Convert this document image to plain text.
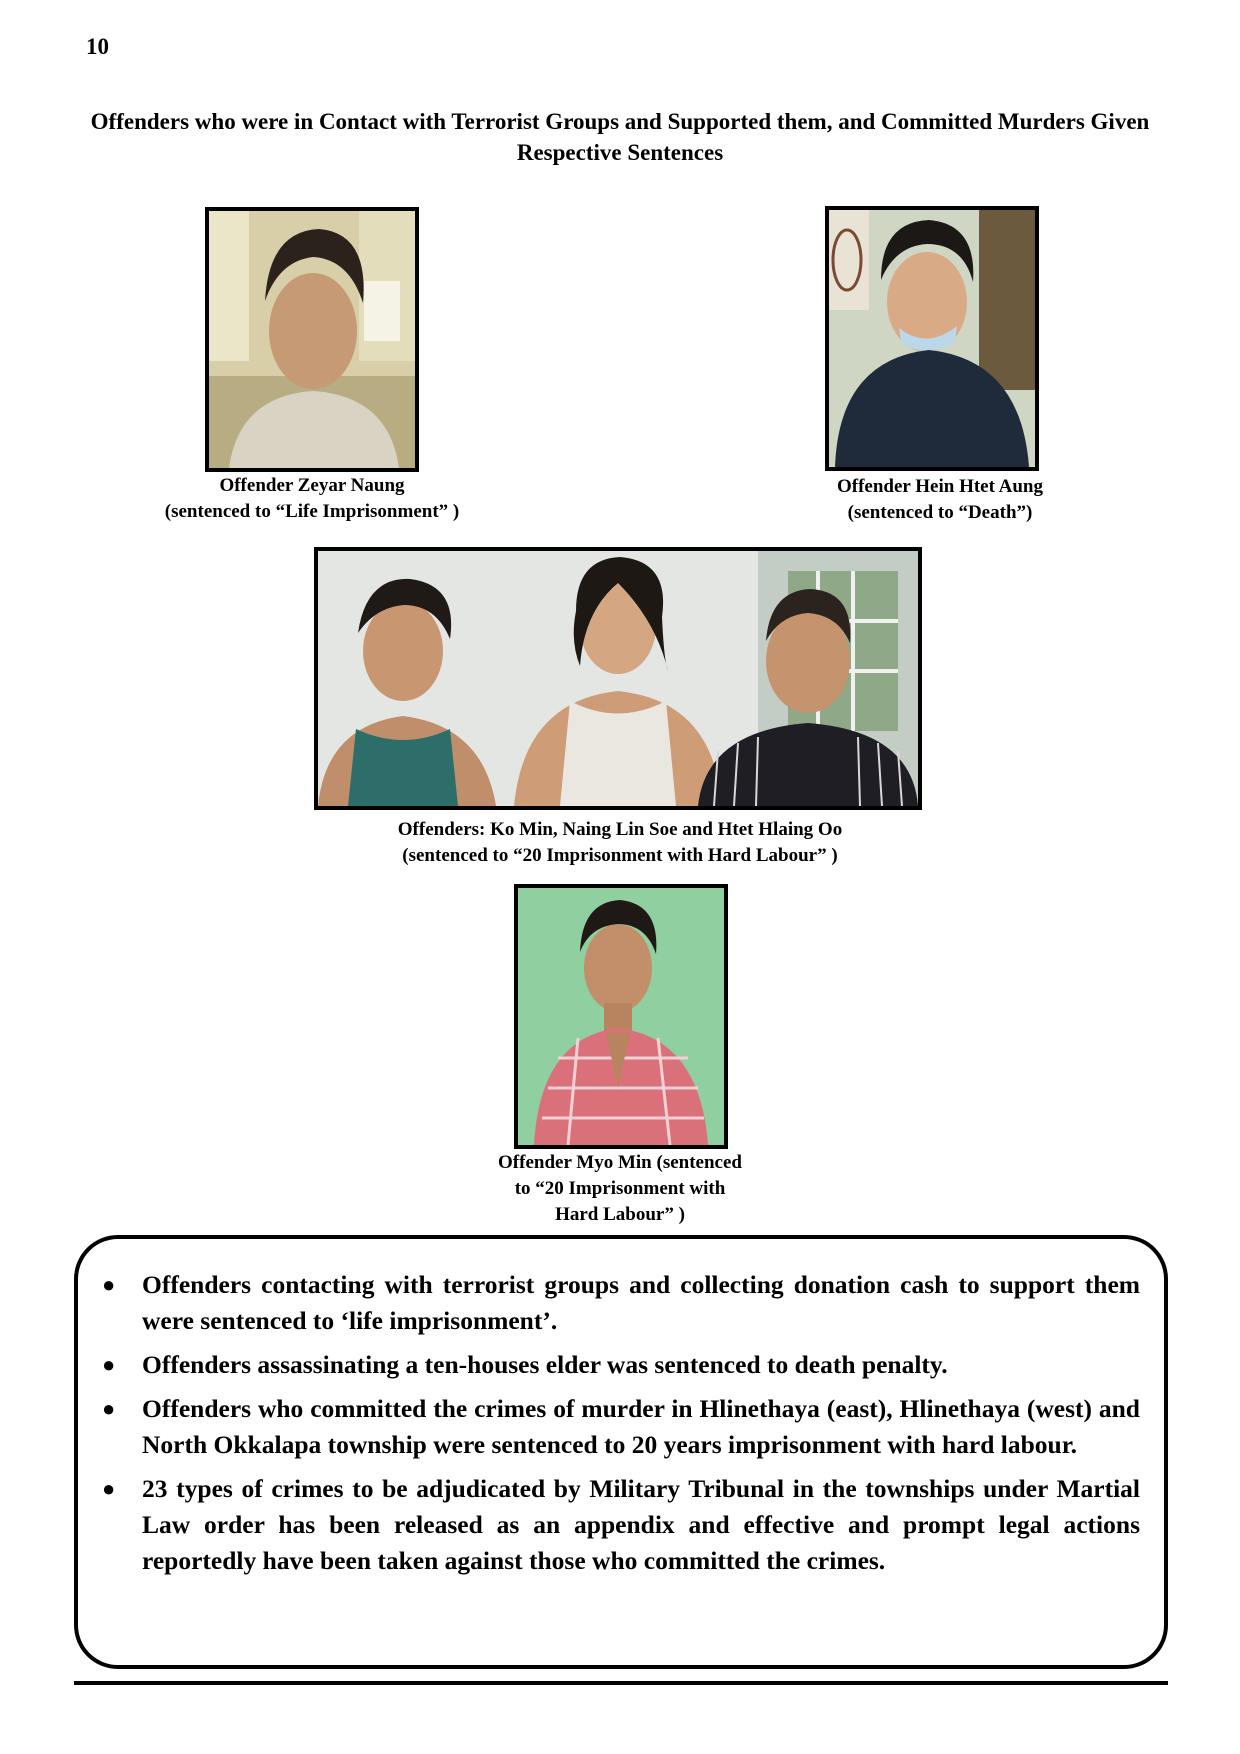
10
Offenders who were in Contact with Terrorist Groups and Supported them, and Committed Murders Given Respective Sentences
Offender Zeyar Naung
(sentenced to “Life Imprisonment” )
Offender Hein Htet Aung
(sentenced to “Death”)
Offenders: Ko Min, Naing Lin Soe and Htet Hlaing Oo
(sentenced to “20 Imprisonment with Hard Labour” )
Offender Myo Min (sentenced
to “20 Imprisonment with
Hard Labour” )
● Offenders contacting with terrorist groups and collecting donation cash to support them were sentenced to ‘life imprisonment’.
● Offenders assassinating a ten-houses elder was sentenced to death penalty.
● Offenders who committed the crimes of murder in Hlinethaya (east), Hlinethaya (west) and North Okkalapa township were sentenced to 20 years imprisonment with hard labour.
● 23 types of crimes to be adjudicated by Military Tribunal in the townships under Martial Law order has been released as an appendix and effective and prompt legal actions reportedly have been taken against those who committed the crimes.
